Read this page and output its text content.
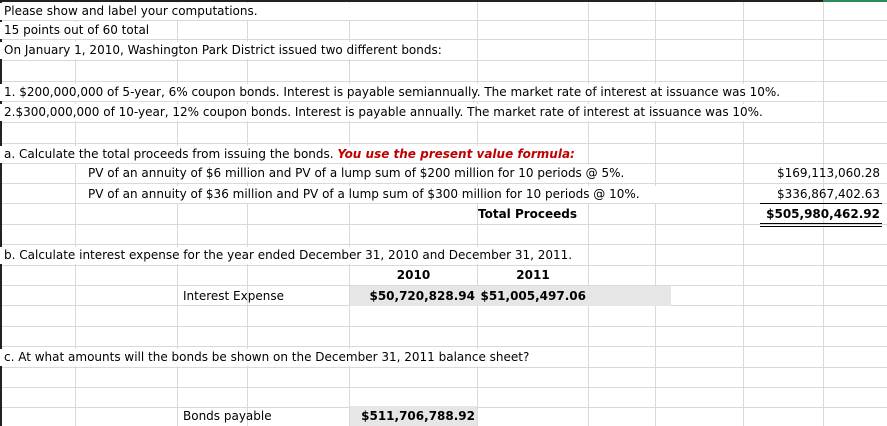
Please show and label your computations.
15 points out of 60 total
On January 1, 2010, Washington Park District issued two different bonds:
1. $200,000,000 of 5-year, 6% coupon bonds. Interest is payable semiannually. The market rate of interest at issuance was 10%.
2.$300,000,000 of 10-year, 12% coupon bonds. Interest is payable annually. The market rate of interest at issuance was 10%.
a. Calculate the total proceeds from issuing the bonds. You use the present value formula:
PV of an annuity of $6 million and PV of a lump sum of $200 million for 10 periods @ 5%.	$169,113,060.28
PV of an annuity of $36 million and PV of a lump sum of $300 million for 10 periods @ 10%.	$336,867,402.63
Total Proceeds	$505,980,462.92
b. Calculate interest expense for the year ended December 31, 2010 and December 31, 2011.
2010	2011
Interest Expense	$50,720,828.94 $51,005,497.06
c. At what amounts will the bonds be shown on the December 31, 2011 balance sheet?
Bonds payable	$511,706,788.92
